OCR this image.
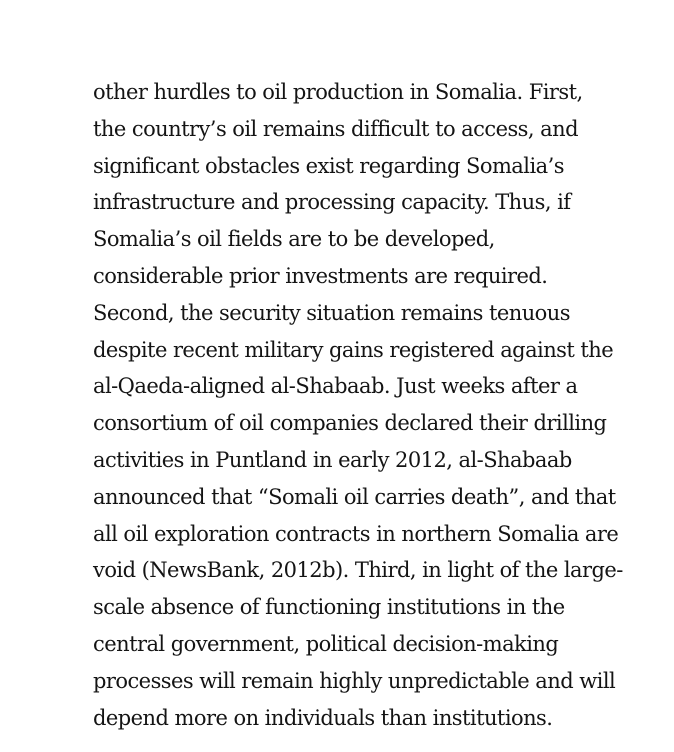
other hurdles to oil production in Somalia. First,
the country’s oil remains difficult to access, and
significant obstacles exist regarding Somalia’s
infrastructure and processing capacity. Thus, if
Somalia’s oil fields are to be developed,
considerable prior investments are required.
Second, the security situation remains tenuous
despite recent military gains registered against the
al-Qaeda-aligned al-Shabaab. Just weeks after a
consortium of oil companies declared their drilling
activities in Puntland in early 2012, al-Shabaab
announced that “Somali oil carries death”, and that
all oil exploration contracts in northern Somalia are
void (NewsBank, 2012b). Third, in light of the large-
scale absence of functioning institutions in the
central government, political decision-making
processes will remain highly unpredictable and will
depend more on individuals than institutions.
